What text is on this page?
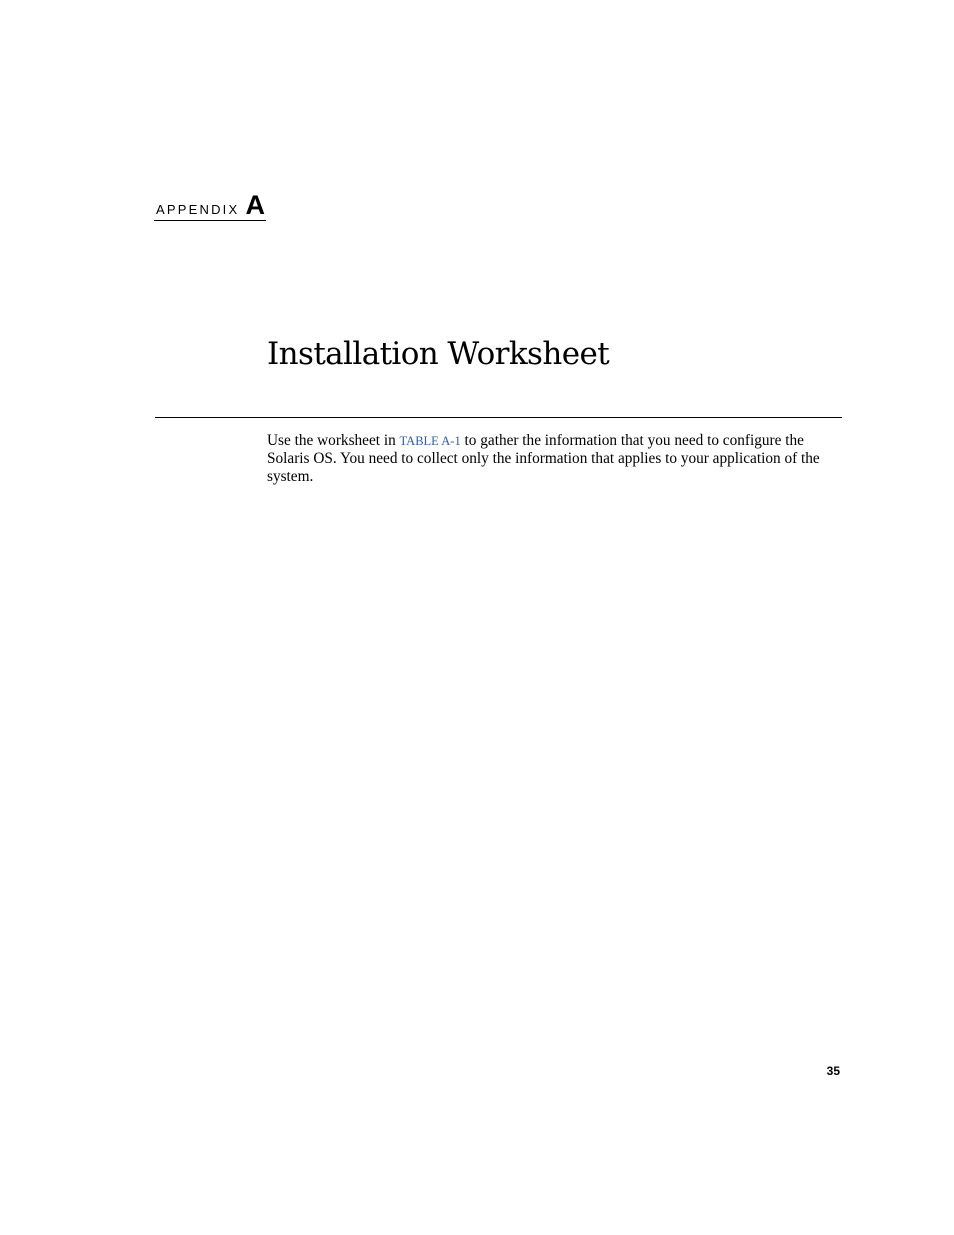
APPENDIX A
Installation Worksheet

Use the worksheet in TABLE A-1 to gather the information that you need to configure the Solaris OS. You need to collect only the information that applies to your application of the system.

35
